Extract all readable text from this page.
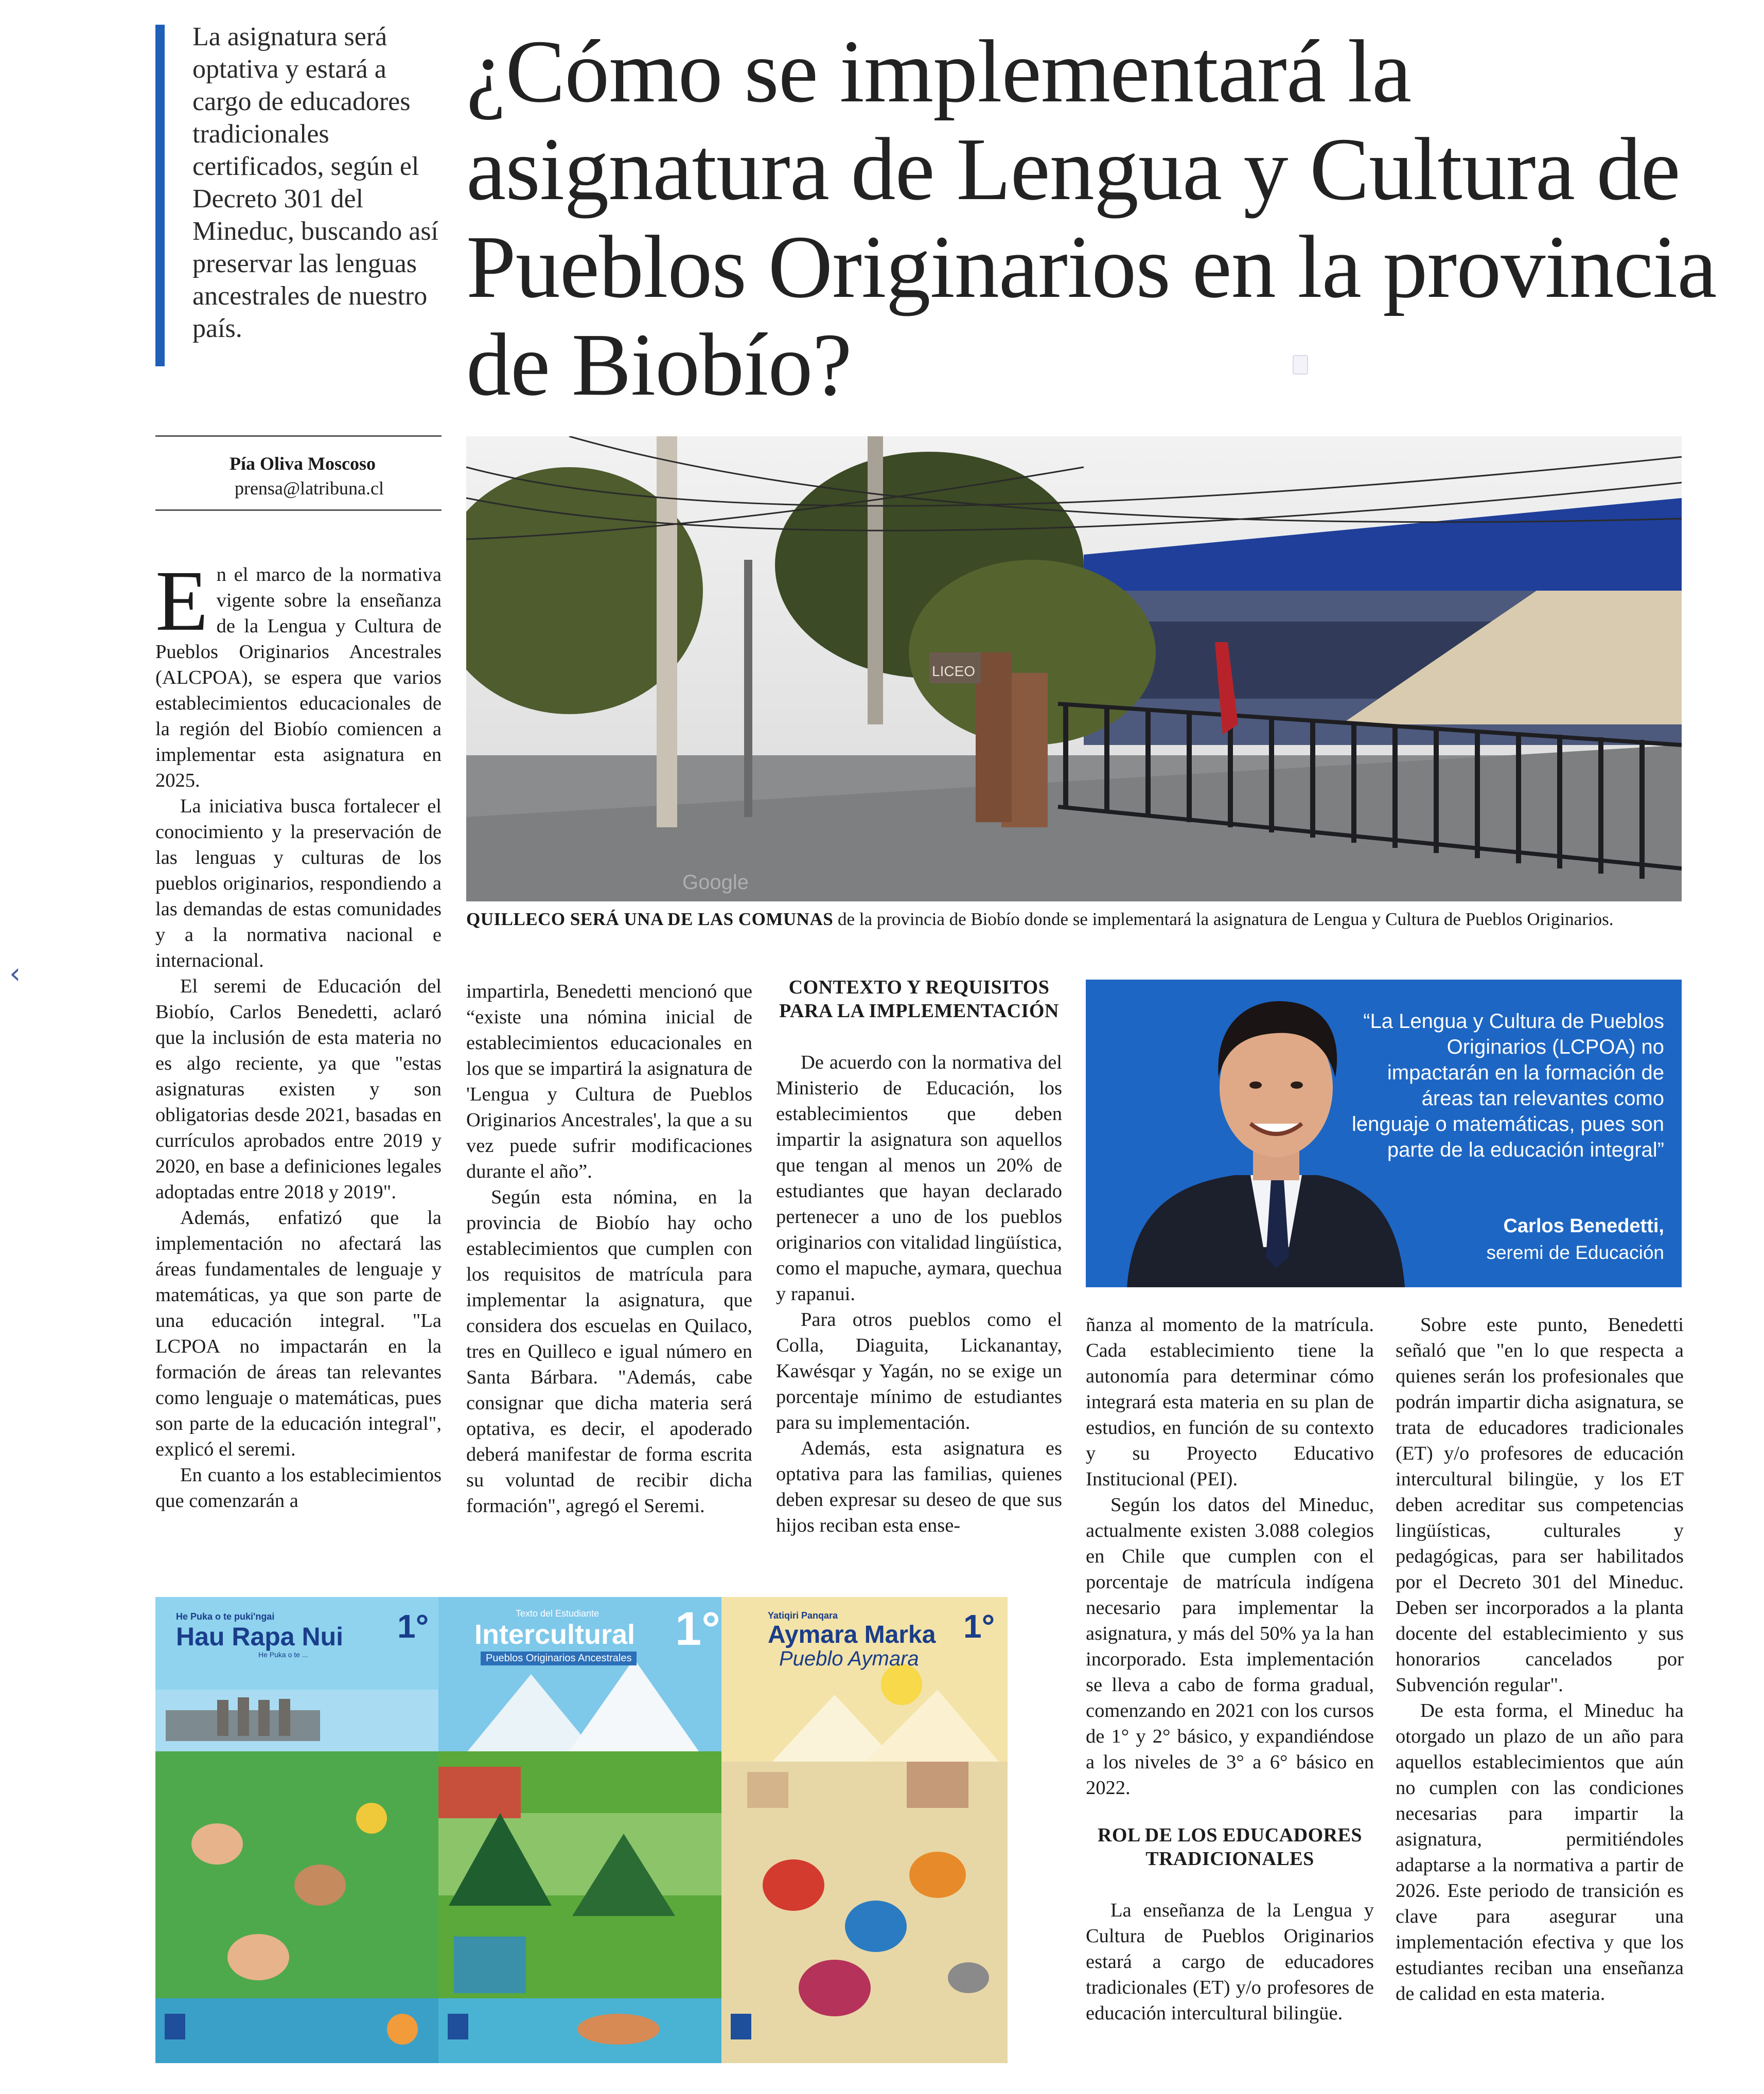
‹
La asignatura será optativa y estará a cargo de educadores tradicionales certificados, según el Decreto 301 del Mineduc, buscando así preservar las lenguas ancestrales de nuestro país.
¿Cómo se implementará la asignatura de Lengua y Cultura de Pueblos Originarios en la provincia de Biobío?
Pía Oliva Moscoso
prensa@latribuna.cl
LICEO
Google
QUILLECO SERÁ UNA DE LAS COMUNAS de la provincia de Biobío donde se implementará la asignatura de Lengua y Cultura de Pueblos Originarios.
“La Lengua y Cultura de Pueblos Originarios (LCPOA) no impactarán en la formación de áreas tan relevantes como lenguaje o matemáticas, pues son parte de la educación integral”
Carlos Benedetti,
seremi de Educación

En el marco de la normativa vigente sobre la enseñanza de la Lengua y Cultura de Pueblos Originarios Ancestrales (ALCPOA), se espera que varios establecimientos educacionales de la región del Biobío comiencen a implementar esta asignatura en 2025.

La iniciativa busca fortalecer el conocimiento y la preservación de las lenguas y culturas de los pueblos originarios, respondiendo a las demandas de estas comunidades y a la normativa nacional e internacional.

El seremi de Educación del Biobío, Carlos Benedetti, aclaró que la inclusión de esta materia no es algo reciente, ya que "estas asignaturas existen y son obligatorias desde 2021, basadas en currículos aprobados entre 2019 y 2020, en base a definiciones legales adoptadas entre 2018 y 2019".

Además, enfatizó que la implementación no afectará las áreas fundamentales de lenguaje y matemáticas, ya que son parte de una educación integral. "La LCPOA no impactarán en la formación de áreas tan relevantes como lenguaje o matemáticas, pues son parte de la educación integral", explicó el seremi.

En cuanto a los establecimientos que comenzarán a

impartirla, Benedetti mencionó que “existe una nómina inicial de establecimientos educacionales en los que se impartirá la asignatura de 'Lengua y Cultura de Pueblos Originarios Ancestrales', la que a su vez puede sufrir modificaciones durante el año”.

Según esta nómina, en la provincia de Biobío hay ocho establecimientos que cumplen con los requisitos de matrícula para implementar la asignatura, que considera dos escuelas en Quilaco, tres en Quilleco e igual número en Santa Bárbara. "Además, cabe consignar que dicha materia será optativa, es decir, el apoderado deberá manifestar de forma escrita su voluntad de recibir dicha formación", agregó el Seremi.

CONTEXTO Y REQUISITOS PARA LA IMPLEMENTACIÓN

De acuerdo con la normativa del Ministerio de Educación, los establecimientos que deben impartir la asignatura son aquellos que tengan al menos un 20% de estudiantes que hayan declarado pertenecer a uno de los pueblos originarios con vitalidad lingüística, como el mapuche, aymara, quechua y rapanui.

Para otros pueblos como el Colla, Diaguita, Lickanantay, Kawésqar y Yagán, no se exige un porcentaje mínimo de estudiantes para su implementación.

Además, esta asignatura es optativa para las familias, quienes deben expresar su deseo de que sus hijos reciban esta ense-

ñanza al momento de la matrícula. Cada establecimiento tiene la autonomía para determinar cómo integrará esta materia en su plan de estudios, en función de su contexto y su Proyecto Educativo Institucional (PEI).

Según los datos del Mineduc, actualmente existen 3.088 colegios en Chile que cumplen con el porcentaje de matrícula indígena necesario para implementar la asignatura, y más del 50% ya la han incorporado. Esta implementación se lleva a cabo de forma gradual, comenzando en 2021 con los cursos de 1° y 2° básico, y expandiéndose a los niveles de 3° a 6° básico en 2022.

ROL DE LOS EDUCADORES TRADICIONALES

La enseñanza de la Lengua y Cultura de Pueblos Originarios estará a cargo de educadores tradicionales (ET) y/o profesores de educación intercultural bilingüe.

Sobre este punto, Benedetti señaló que "en lo que respecta a quienes serán los profesionales que podrán impartir dicha asignatura, se trata de educadores tradicionales (ET) y/o profesores de educación intercultural bilingüe, y los ET deben acreditar sus competencias lingüísticas, culturales y pedagógicas, para ser habilitados por el Decreto 301 del Mineduc. Deben ser incorporados a la planta docente del establecimiento y sus honorarios cancelados por Subvención regular".

De esta forma, el Mineduc ha otorgado un plazo de un año para aquellos establecimientos que aún no cumplen con las condiciones necesarias para impartir la asignatura, permitiéndoles adaptarse a la normativa a partir de 2026. Este periodo de transición es clave para asegurar una implementación efectiva y que los estudiantes reciban una enseñanza de calidad en esta materia.

He Puka o te puki'ngai
Hau Rapa Nui
He Puka o te ...
1°	Texto del Estudiante
Intercultural
Pueblos Originarios Ancestrales
1°	Yatiqiri Panqara
Aymara Marka
Pueblo Aymara
1°
